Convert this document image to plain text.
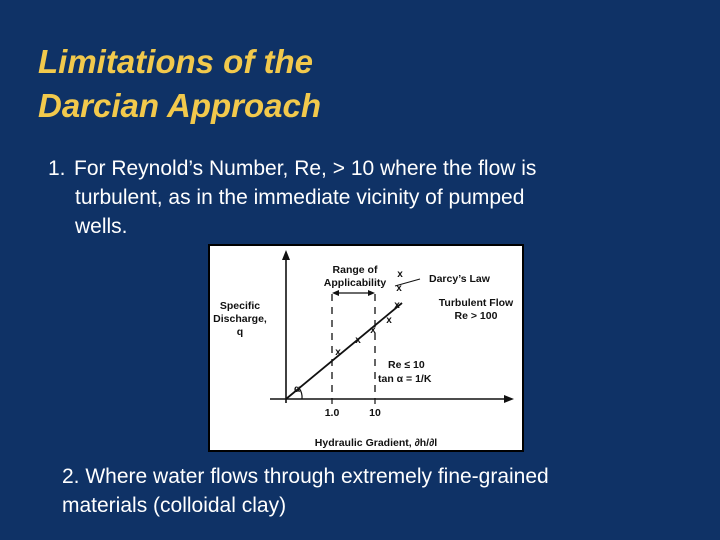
Limitations of the
Darcian Approach
1. For Reynold’s Number, Re, > 10 where the flow is
turbulent, as in the immediate vicinity of pumped
wells.
x
x
x
x
x
x
x
Specific
Discharge,
q
Range of
Applicability	Darcy’s Law
Turbulent Flow
Re > 100
Re ≤ 10
tan α = 1/K
α
1.0	10
Hydraulic Gradient, ∂h/∂l
2. Where water flows through extremely fine-grained
materials (colloidal clay)
